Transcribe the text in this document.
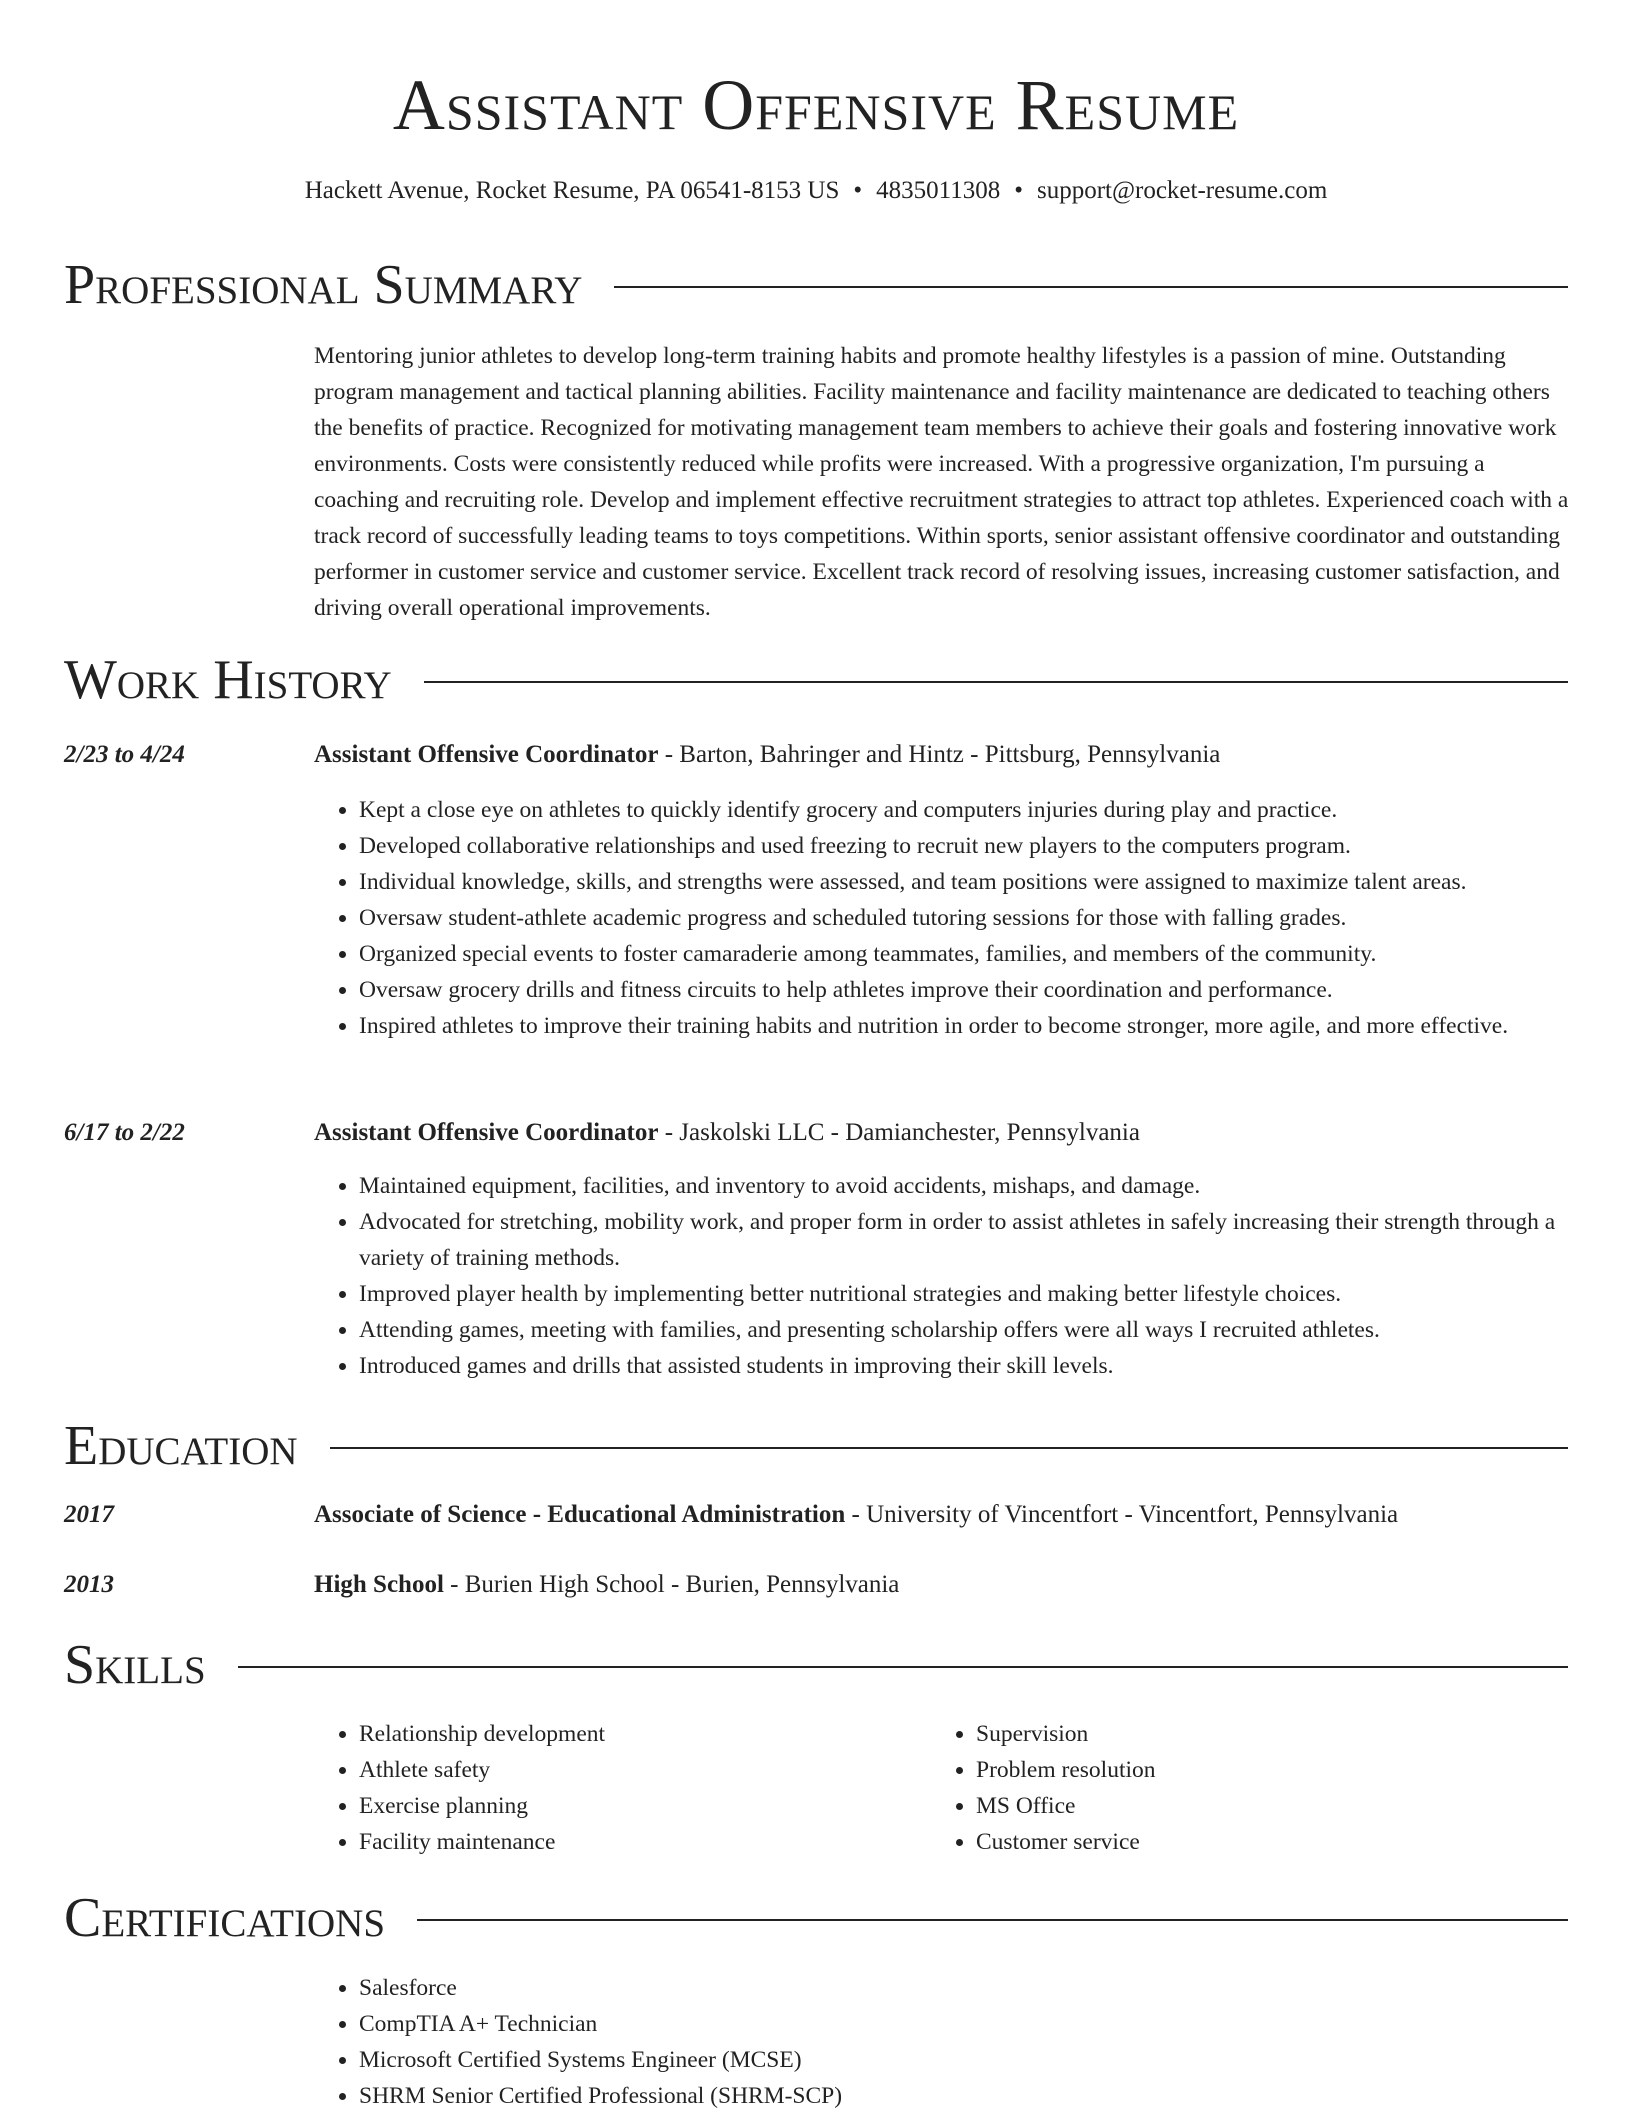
Assistant Offensive Resume
Hackett Avenue, Rocket Resume, PA 06541-8153 US • 4835011308 • support@rocket-resume.com
Professional Summary

Mentoring junior athletes to develop long-term training habits and promote healthy lifestyles is a passion of mine. Outstanding program management and tactical planning abilities. Facility maintenance and facility maintenance are dedicated to teaching others the benefits of practice. Recognized for motivating management team members to achieve their goals and fostering innovative work environments. Costs were consistently reduced while profits were increased. With a progressive organization, I'm pursuing a coaching and recruiting role. Develop and implement effective recruitment strategies to attract top athletes. Experienced coach with a track record of successfully leading teams to toys competitions. Within sports, senior assistant offensive coordinator and outstanding performer in customer service and customer service. Excellent track record of resolving issues, increasing customer satisfaction, and driving overall operational improvements.

Work History
2/23 to 4/24	Assistant Offensive Coordinator - Barton, Bahringer and Hintz - Pittsburg, Pennsylvania
• Kept a close eye on athletes to quickly identify grocery and computers injuries during play and practice.
• Developed collaborative relationships and used freezing to recruit new players to the computers program.
• Individual knowledge, skills, and strengths were assessed, and team positions were assigned to maximize talent areas.
• Oversaw student-athlete academic progress and scheduled tutoring sessions for those with falling grades.
• Organized special events to foster camaraderie among teammates, families, and members of the community.
• Oversaw grocery drills and fitness circuits to help athletes improve their coordination and performance.
• Inspired athletes to improve their training habits and nutrition in order to become stronger, more agile, and more effective.
6/17 to 2/22	Assistant Offensive Coordinator - Jaskolski LLC - Damianchester, Pennsylvania
• Maintained equipment, facilities, and inventory to avoid accidents, mishaps, and damage.
• Advocated for stretching, mobility work, and proper form in order to assist athletes in safely increasing their strength through a variety of training methods.
• Improved player health by implementing better nutritional strategies and making better lifestyle choices.
• Attending games, meeting with families, and presenting scholarship offers were all ways I recruited athletes.
• Introduced games and drills that assisted students in improving their skill levels.
Education
2017	Associate of Science - Educational Administration - University of Vincentfort - Vincentfort, Pennsylvania
2013	High School - Burien High School - Burien, Pennsylvania
Skills
• Relationship development
• Athlete safety
• Exercise planning
• Facility maintenance
• Supervision
• Problem resolution
• MS Office
• Customer service
Certifications
• Salesforce
• CompTIA A+ Technician
• Microsoft Certified Systems Engineer (MCSE)
• SHRM Senior Certified Professional (SHRM-SCP)
